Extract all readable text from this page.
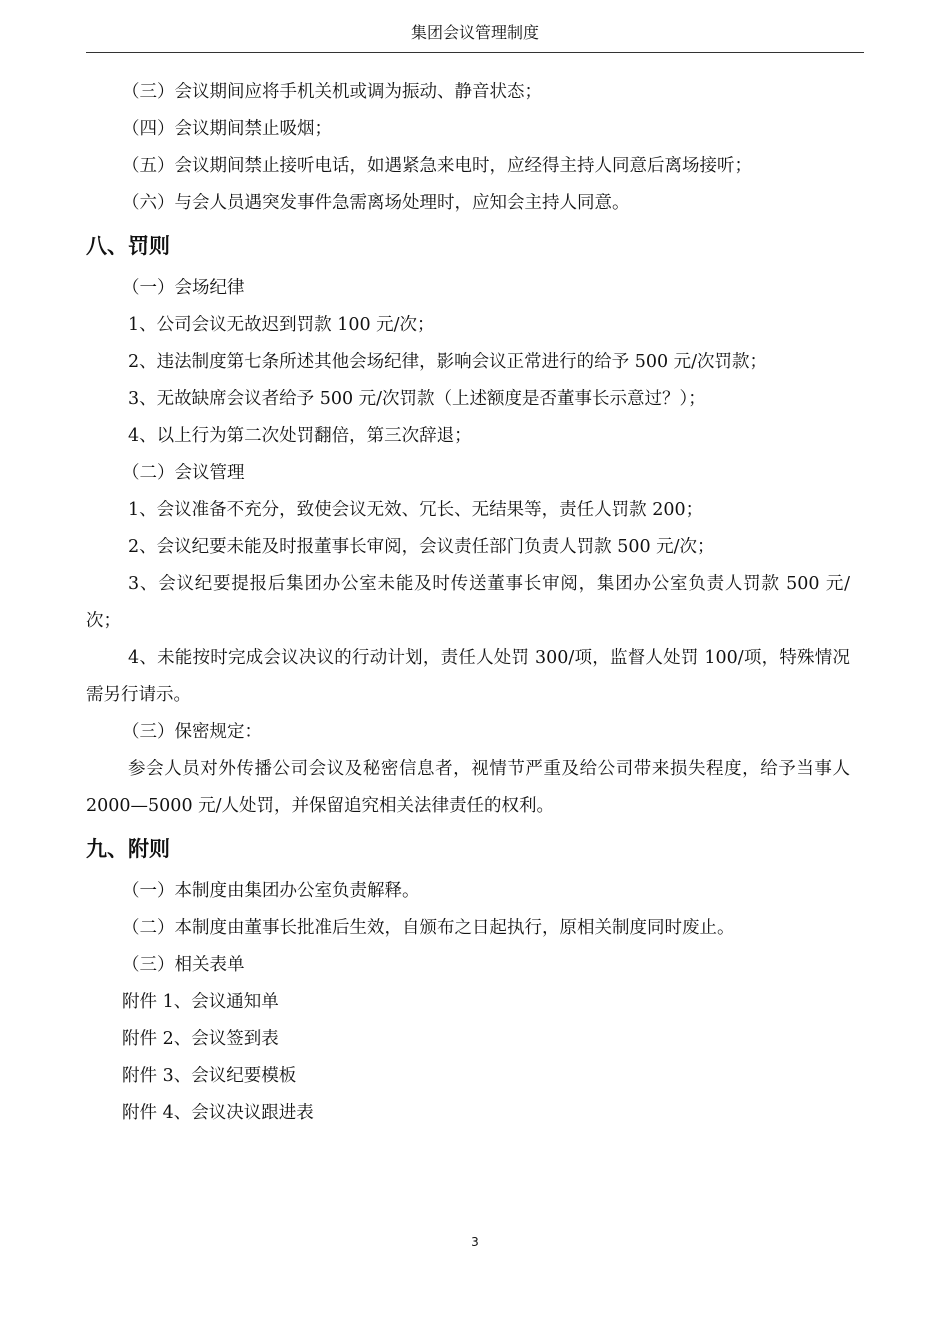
集团会议管理制度

（三）会议期间应将手机关机或调为振动、静音状态；

（四）会议期间禁止吸烟；

（五）会议期间禁止接听电话，如遇紧急来电时，应经得主持人同意后离场接听；

（六）与会人员遇突发事件急需离场处理时，应知会主持人同意。

八、罚则

（一）会场纪律

1、公司会议无故迟到罚款 100 元/次；

2、违法制度第七条所述其他会场纪律，影响会议正常进行的给予 500 元/次罚款；

3、无故缺席会议者给予 500 元/次罚款（上述额度是否董事长示意过？）；

4、以上行为第二次处罚翻倍，第三次辞退；

（二）会议管理

1、会议准备不充分，致使会议无效、冗长、无结果等，责任人罚款 200；

2、会议纪要未能及时报董事长审阅，会议责任部门负责人罚款 500 元/次；

3、会议纪要提报后集团办公室未能及时传送董事长审阅，集团办公室负责人罚款 500 元/次；

4、未能按时完成会议决议的行动计划，责任人处罚 300/项，监督人处罚 100/项，特殊情况需另行请示。

（三）保密规定：

参会人员对外传播公司会议及秘密信息者，视情节严重及给公司带来损失程度，给予当事人 2000—5000 元/人处罚，并保留追究相关法律责任的权利。

九、附则

（一）本制度由集团办公室负责解释。

（二）本制度由董事长批准后生效，自颁布之日起执行，原相关制度同时废止。

（三）相关表单

附件 1、会议通知单

附件 2、会议签到表

附件 3、会议纪要模板

附件 4、会议决议跟进表

3
